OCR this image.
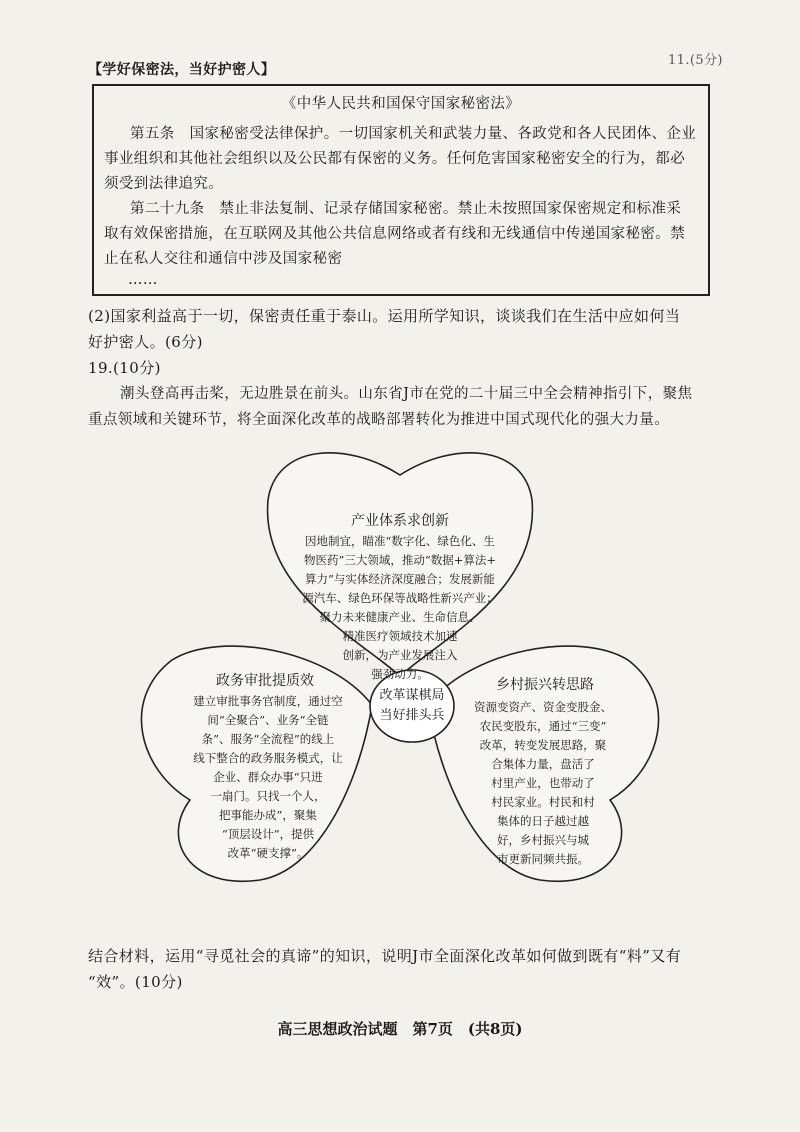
11.(5分)
【学好保密法，当好护密人】
《中华人民共和国保守国家秘密法》
第五条　国家秘密受法律保护。一切国家机关和武装力量、各政党和各人民团体、企业
事业组织和其他社会组织以及公民都有保密的义务。任何危害国家秘密安全的行为，都必
须受到法律追究。
第二十九条　禁止非法复制、记录存储国家秘密。禁止未按照国家保密规定和标准采
取有效保密措施，在互联网及其他公共信息网络或者有线和无线通信中传递国家秘密。禁
止在私人交往和通信中涉及国家秘密
……
(2)国家利益高于一切，保密责任重于泰山。运用所学知识，谈谈我们在生活中应如何当
好护密人。(6分)
19.(10分)
潮头登高再击桨，无边胜景在前头。山东省J市在党的二十届三中全会精神指引下，聚焦
重点领域和关键环节，将全面深化改革的战略部署转化为推进中国式现代化的强大力量。
改革谋棋局
当好排头兵
产业体系求创新
因地制宜，瞄准“数字化、绿色化、生
物医药”三大领域，推动“数据+算法+
算力”与实体经济深度融合；发展新能
源汽车、绿色环保等战略性新兴产业；
聚力未来健康产业、生命信息、
精准医疗领域技术加速
创新，为产业发展注入
强劲动力。
政务审批提质效
建立审批事务官制度，通过空
间“全聚合”、业务“全链
条”、服务“全流程”的线上
线下整合的政务服务模式，让
企业、群众办事“只进
一扇门。只找一个人，
把事能办成”，聚集
“顶层设计”，提供
改革“硬支撑”。
乡村振兴转思路
资源变资产、资金变股金、
农民变股东，通过“三变”
改革，转变发展思路，聚
合集体力量，盘活了
村里产业，也带动了
村民家业。村民和村
集体的日子越过越
好，乡村振兴与城
市更新同频共振。
结合材料，运用“寻觅社会的真谛”的知识，说明J市全面深化改革如何做到既有“料”又有
“效”。(10分)
高三思想政治试题　第7页　(共8页)
